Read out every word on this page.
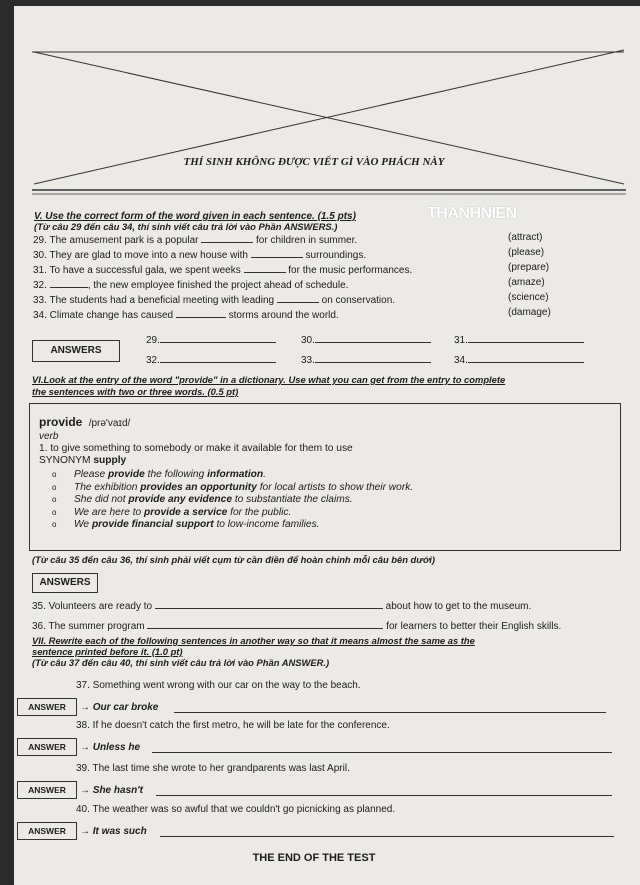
THÍ SINH KHÔNG ĐƯỢC VIẾT GÌ VÀO PHÁCH NÀY
THANHNIEN
V. Use the correct form of the word given in each sentence. (1.5 pts)
(Từ câu 29 đến câu 34, thí sinh viết câu trả lời vào Phần ANSWERS.)
29. The amusement park is a popular	for children in summer.	(attract)
30. They are glad to move into a new house with	surroundings.	(please)
31. To have a successful gala, we spent weeks	for the music performances.	(prepare)
32.	, the new employee finished the project ahead of schedule.	(amaze)
33. The students had a beneficial meeting with leading	on conservation.	(science)
34. Climate change has caused	storms around the world.	(damage)
ANSWERS
29.	30.	31.
32.	33.	34.
VI.Look at the entry of the word "provide" in a dictionary. Use what you can get from the entry to complete
the sentences with two or three words. (0.5 pt)
provide /prə'vaɪd/
verb
1. to give something to somebody or make it available for them to use
SYNONYM supply
o Please provide the following information.
o The exhibition provides an opportunity for local artists to show their work.
o She did not provide any evidence to substantiate the claims.
o We are here to provide a service for the public.
o We provide financial support to low-income families.
(Từ câu 35 đến câu 36, thí sinh phải viết cụm từ cần điền để hoàn chỉnh mỗi câu bên dưới)
ANSWERS
35. Volunteers are ready to	about how to get to the museum.
36. The summer program	for learners to better their English skills.
VII. Rewrite each of the following sentences in another way so that it means almost the same as the
sentence printed before it. (1.0 pt)
(Từ câu 37 đến câu 40, thí sinh viết câu trả lời vào Phần ANSWER.)
37. Something went wrong with our car on the way to the beach.
ANSWER	→ Our car broke
38. If he doesn't catch the first metro, he will be late for the conference.
ANSWER	→ Unless he
39. The last time she wrote to her grandparents was last April.
ANSWER	→ She hasn't
40. The weather was so awful that we couldn't go picnicking as planned.
ANSWER	→ It was such
THE END OF THE TEST
